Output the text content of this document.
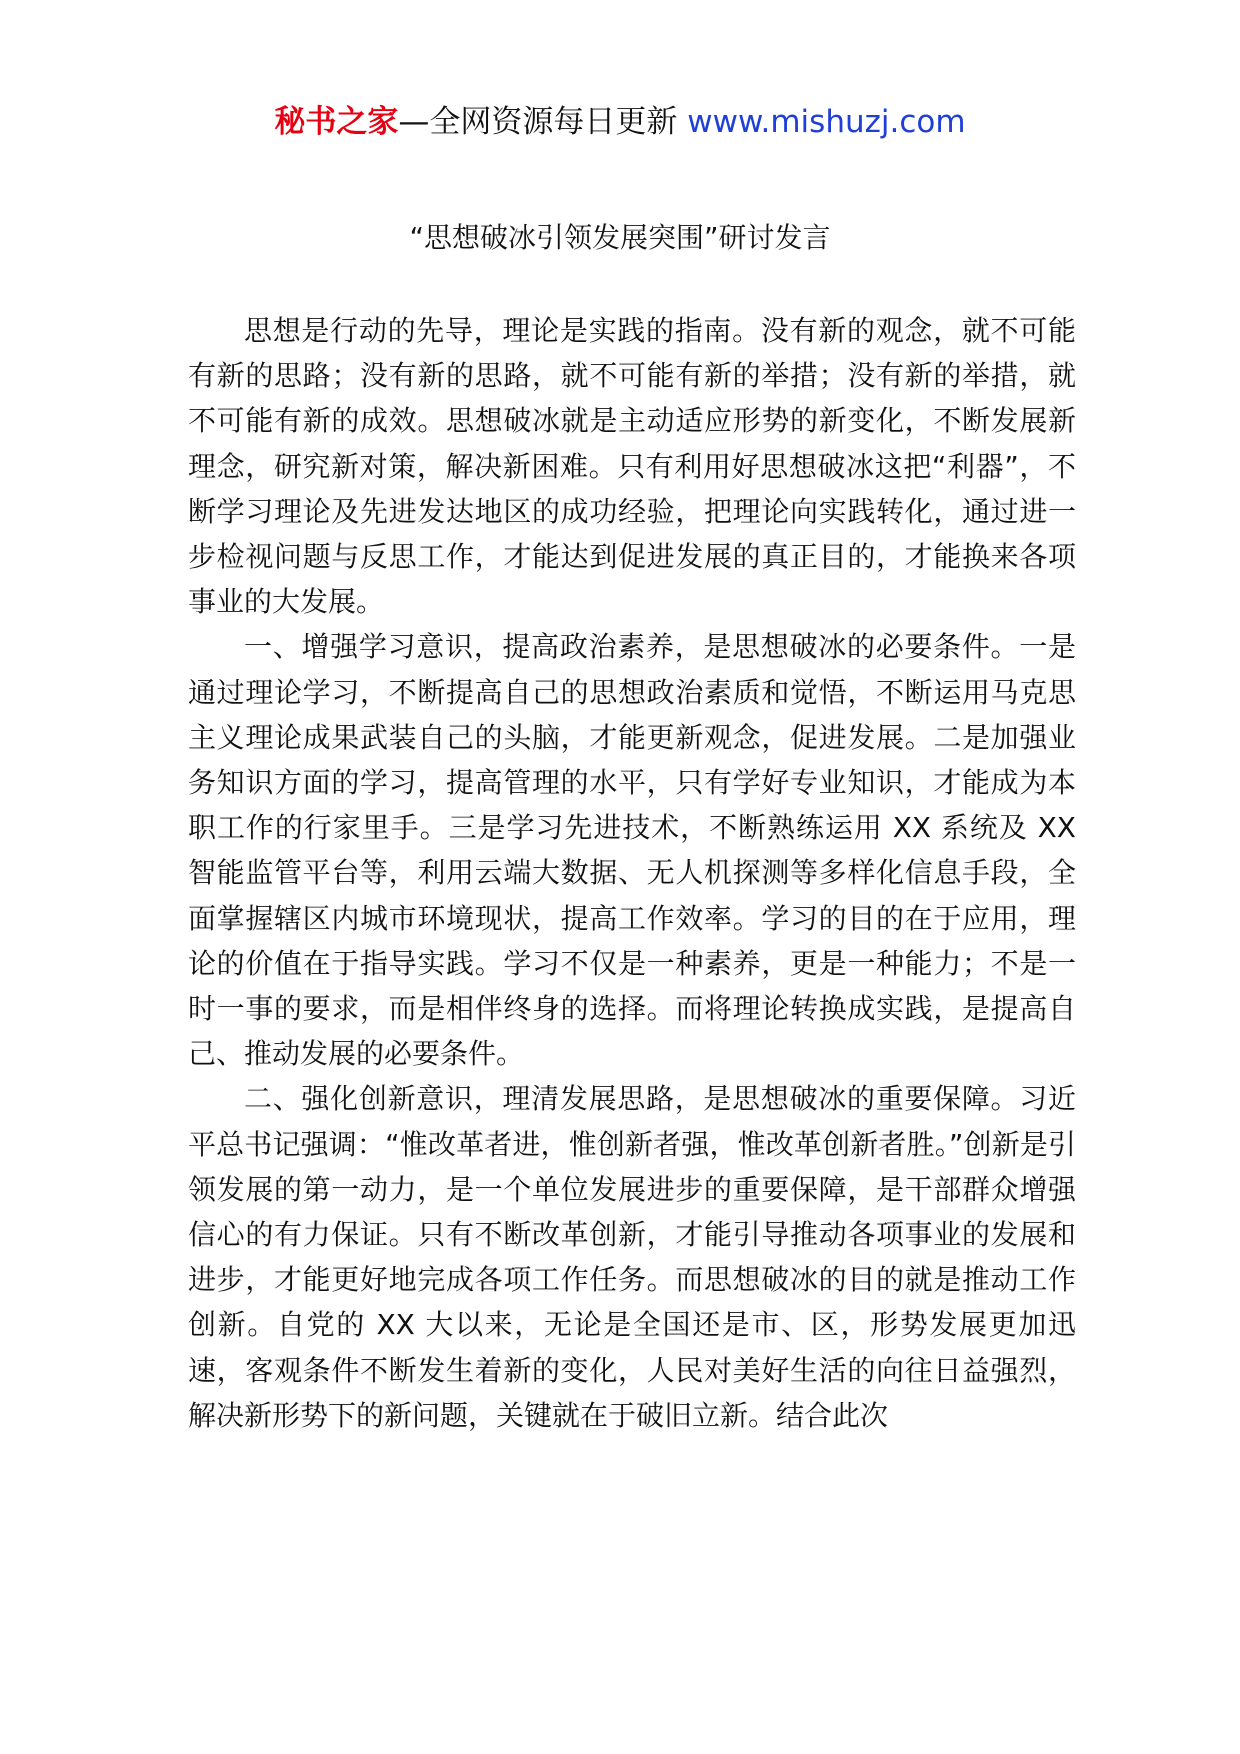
秘书之家—全网资源每日更新 www.mishuzj.com
“思想破冰引领发展突围”研讨发言

思想是行动的先导，理论是实践的指南。没有新的观念，就不可能有新的思路；没有新的思路，就不可能有新的举措；没有新的举措，就不可能有新的成效。思想破冰就是主动适应形势的新变化，不断发展新理念，研究新对策，解决新困难。只有利用好思想破冰这把“利器”，不断学习理论及先进发达地区的成功经验，把理论向实践转化，通过进一步检视问题与反思工作，才能达到促进发展的真正目的，才能换来各项事业的大发展。

一、增强学习意识，提高政治素养，是思想破冰的必要条件。一是通过理论学习，不断提高自己的思想政治素质和觉悟，不断运用马克思主义理论成果武装自己的头脑，才能更新观念，促进发展。二是加强业务知识方面的学习，提高管理的水平，只有学好专业知识，才能成为本职工作的行家里手。三是学习先进技术，不断熟练运用 XX 系统及 XX 智能监管平台等，利用云端大数据、无人机探测等多样化信息手段，全面掌握辖区内城市环境现状，提高工作效率。学习的目的在于应用，理论的价值在于指导实践。学习不仅是一种素养，更是一种能力；不是一时一事的要求，而是相伴终身的选择。而将理论转换成实践，是提高自己、推动发展的必要条件。

二、强化创新意识，理清发展思路，是思想破冰的重要保障。习近平总书记强调：“惟改革者进，惟创新者强，惟改革创新者胜。”创新是引领发展的第一动力，是一个单位发展进步的重要保障，是干部群众增强信心的有力保证。只有不断改革创新，才能引导推动各项事业的发展和进步，才能更好地完成各项工作任务。而思想破冰的目的就是推动工作创新。自党的 XX 大以来，无论是全国还是市、区，形势发展更加迅速，客观条件不断发生着新的变化，人民对美好生活的向往日益强烈，解决新形势下的新问题，关键就在于破旧立新。结合此次
